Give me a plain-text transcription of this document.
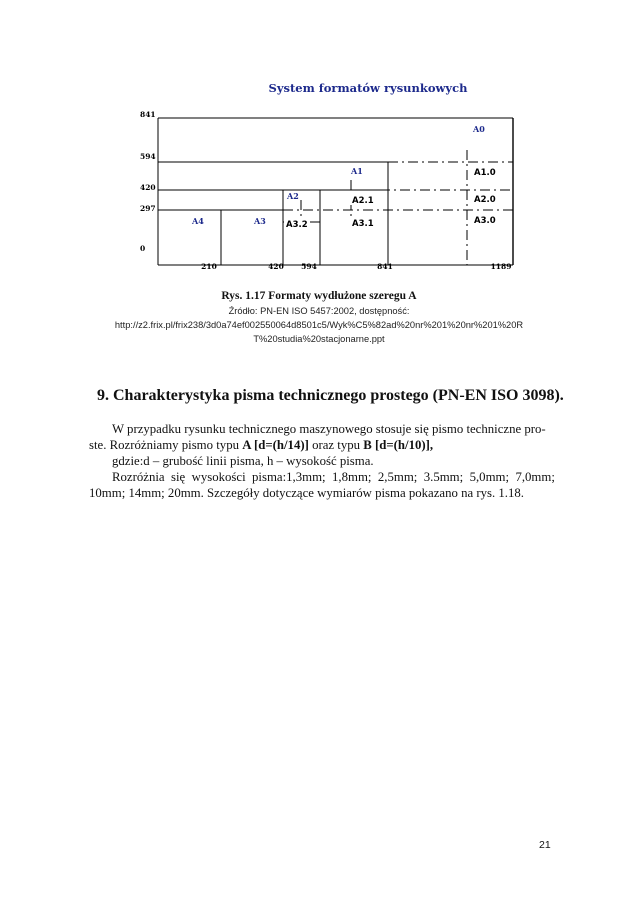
System formatów rysunkowych
841
594
420
297
0
210	420 594	841	1189
A0
A1
A2
A3
A4
A1.0
A2.0
A3.0
A2.1
A3.1
A3.2
Rys. 1.17 Formaty wydłużone szeregu A
Źródło: PN-EN ISO 5457:2002, dostępność:
http://z2.frix.pl/frix238/3d0a74ef002550064d8501c5/Wyk%C5%82ad%20nr%201%20nr%201%20R
T%20studia%20stacjonarne.ppt
9. Charakterystyka pisma technicznego prostego (PN-EN ISO 3098).
W przypadku rysunku technicznego maszynowego stosuje się pismo techniczne pro-
ste. Rozróżniamy pismo typu A [d=(h/14)] oraz typu B [d=(h/10)],
gdzie:d – grubość linii pisma, h – wysokość pisma.
Rozróżnia  się  wysokości  pisma:1,3mm;  1,8mm;  2,5mm;  3.5mm;  5,0mm;  7,0mm;
10mm; 14mm; 20mm. Szczegóły dotyczące wymiarów pisma pokazano na rys. 1.18.
21
